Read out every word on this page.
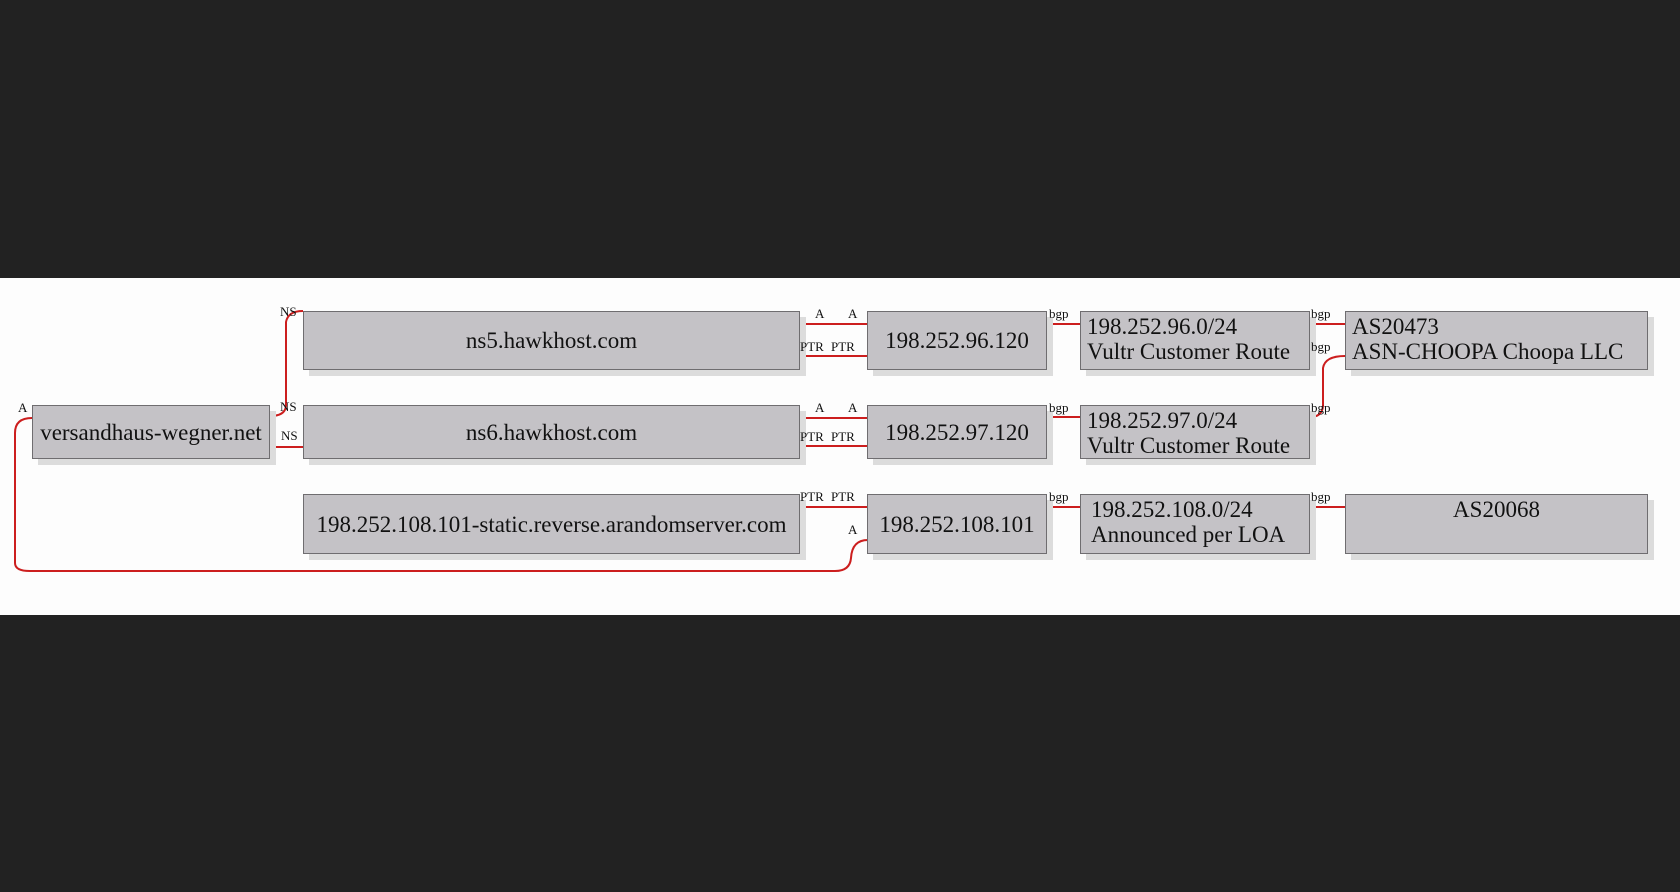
versandhaus-wegner.net
ns5.hawkhost.com
ns6.hawkhost.com
198.252.108.101-static.reverse.arandomserver.com
198.252.96.120
198.252.97.120
198.252.108.101
198.252.96.0/24
Vultr Customer Route
198.252.97.0/24
Vultr Customer Route
198.252.108.0/24
Announced per LOA
AS20473
ASN-CHOOPA Choopa LLC
AS20068
NS
NS
NS
A
A A
PTR PTR
A A
PTR PTR
PTR PTR
A
bgp
bgp
bgp
bgp
bgp
bgp
bgp
